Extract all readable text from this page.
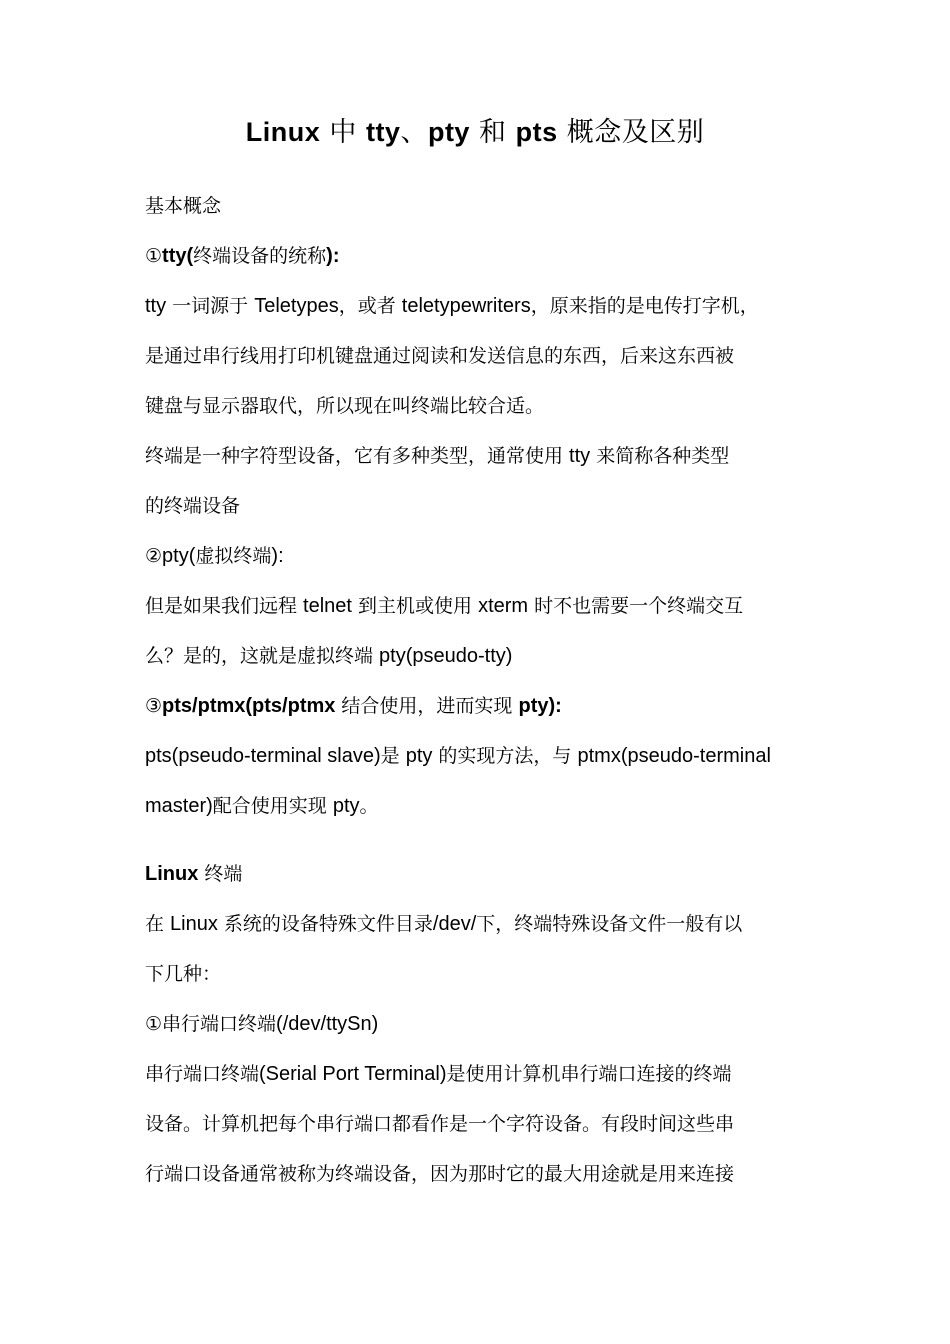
Linux 中 tty、pty 和 pts 概念及区别
基本概念
①tty(终端设备的统称):
tty 一词源于 Teletypes，或者 teletypewriters，原来指的是电传打字机，
是通过串行线用打印机键盘通过阅读和发送信息的东西，后来这东西被
键盘与显示器取代，所以现在叫终端比较合适。
终端是一种字符型设备，它有多种类型，通常使用 tty 来简称各种类型
的终端设备
②pty(虚拟终端):
但是如果我们远程 telnet 到主机或使用 xterm 时不也需要一个终端交互
么？是的，这就是虚拟终端 pty(pseudo-tty)
③pts/ptmx(pts/ptmx 结合使用，进而实现 pty):
pts(pseudo-terminal slave)是 pty 的实现方法，与 ptmx(pseudo-terminal
master)配合使用实现 pty。
Linux 终端
在 Linux 系统的设备特殊文件目录/dev/下，终端特殊设备文件一般有以
下几种：
①串行端口终端(/dev/ttySn)
串行端口终端(Serial Port Terminal)是使用计算机串行端口连接的终端
设备。计算机把每个串行端口都看作是一个字符设备。有段时间这些串
行端口设备通常被称为终端设备，因为那时它的最大用途就是用来连接
